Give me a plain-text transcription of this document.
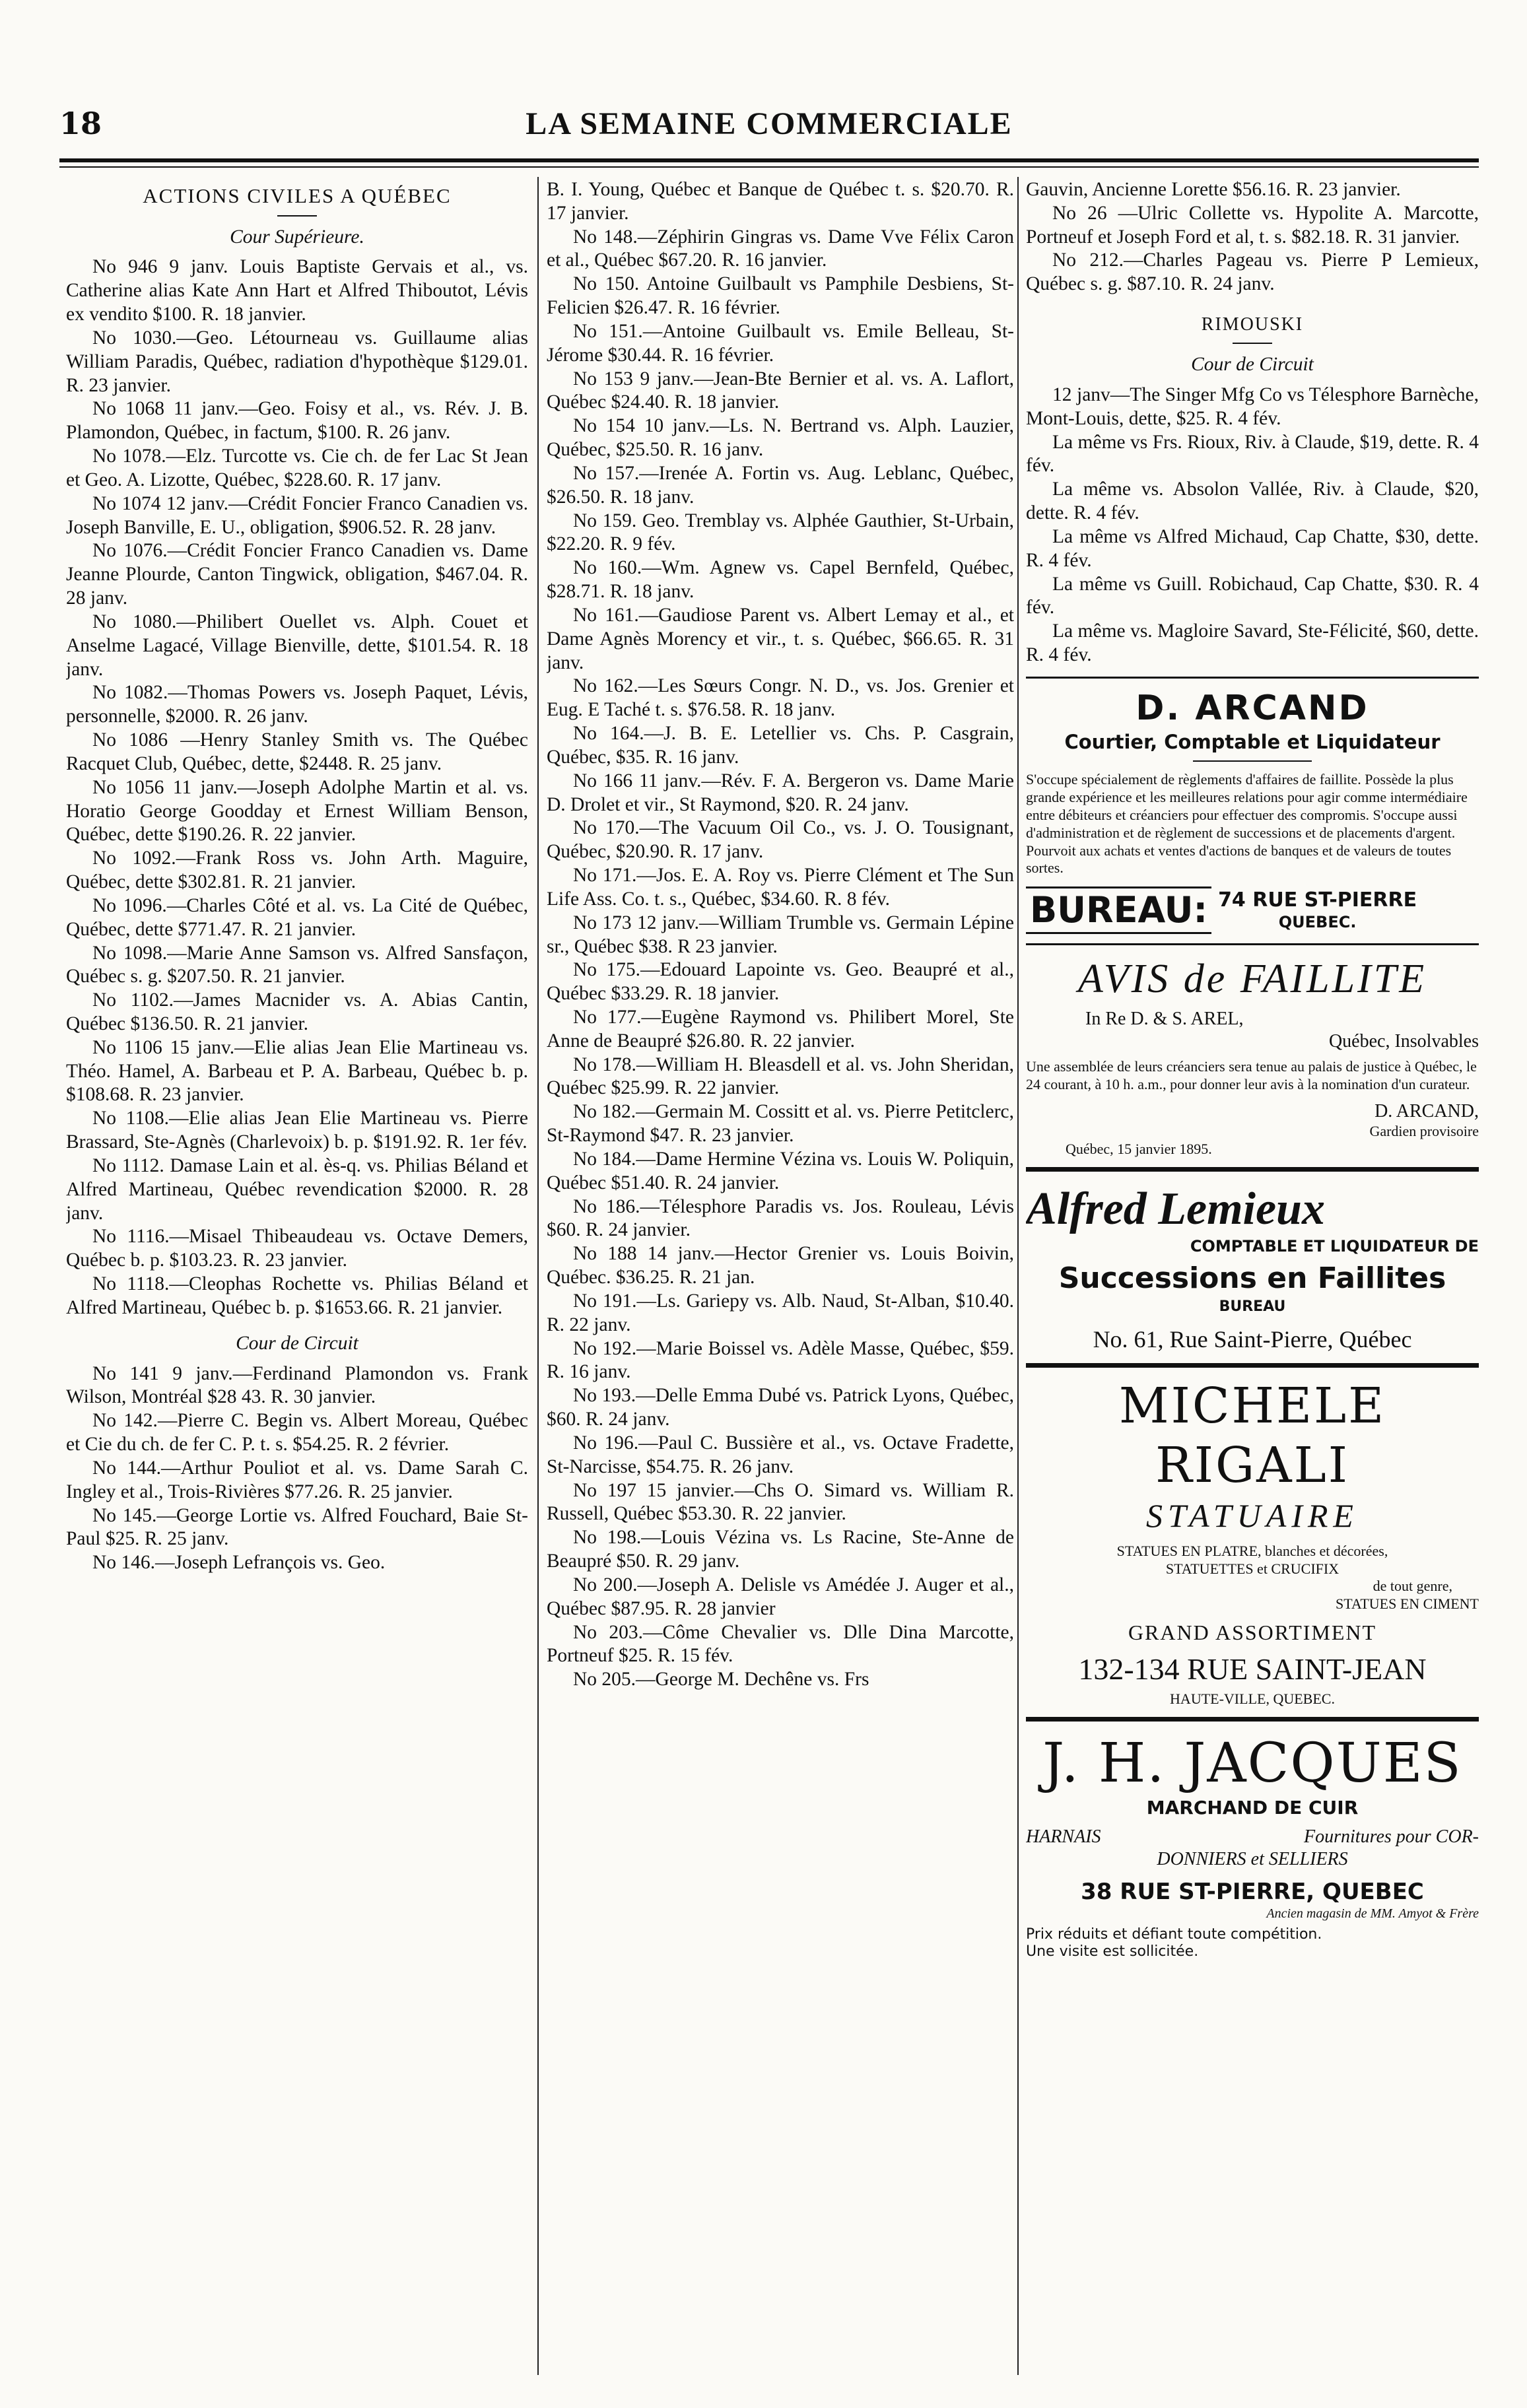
18	LA SEMAINE COMMERCIALE
ACTIONS CIVILES A QUÉBEC
Cour Supérieure.

No 946 9 janv. Louis Baptiste Gervais et al., vs. Catherine alias Kate Ann Hart et Alfred Thiboutot, Lévis ex vendito $100. R. 18 janvier.

No 1030.—Geo. Létourneau vs. Guillaume alias William Paradis, Québec, radiation d'hypothèque $129.01. R. 23 janvier.

No 1068 11 janv.—Geo. Foisy et al., vs. Rév. J. B. Plamondon, Québec, in factum, $100. R. 26 janv.

No 1078.—Elz. Turcotte vs. Cie ch. de fer Lac St Jean et Geo. A. Lizotte, Québec, $228.60. R. 17 janv.

No 1074 12 janv.—Crédit Foncier Franco Canadien vs. Joseph Banville, E. U., obligation, $906.52. R. 28 janv.

No 1076.—Crédit Foncier Franco Canadien vs. Dame Jeanne Plourde, Canton Tingwick, obligation, $467.04. R. 28 janv.

No 1080.—Philibert Ouellet vs. Alph. Couet et Anselme Lagacé, Village Bienville, dette, $101.54. R. 18 janv.

No 1082.—Thomas Powers vs. Joseph Paquet, Lévis, personnelle, $2000. R. 26 janv.

No 1086 —Henry Stanley Smith vs. The Québec Racquet Club, Québec, dette, $2448. R. 25 janv.

No 1056 11 janv.—Joseph Adolphe Martin et al. vs. Horatio George Goodday et Ernest William Benson, Québec, dette $190.26. R. 22 janvier.

No 1092.—Frank Ross vs. John Arth. Maguire, Québec, dette $302.81. R. 21 janvier.

No 1096.—Charles Côté et al. vs. La Cité de Québec, Québec, dette $771.47. R. 21 janvier.

No 1098.—Marie Anne Samson vs. Alfred Sansfaçon, Québec s. g. $207.50. R. 21 janvier.

No 1102.—James Macnider vs. A. Abias Cantin, Québec $136.50. R. 21 janvier.

No 1106 15 janv.—Elie alias Jean Elie Martineau vs. Théo. Hamel, A. Barbeau et P. A. Barbeau, Québec b. p. $108.68. R. 23 janvier.

No 1108.—Elie alias Jean Elie Martineau vs. Pierre Brassard, Ste-Agnès (Charlevoix) b. p. $191.92. R. 1er fév.

No 1112. Damase Lain et al. ès-q. vs. Philias Béland et Alfred Martineau, Québec revendication $2000. R. 28 janv.

No 1116.—Misael Thibeaudeau vs. Octave Demers, Québec b. p. $103.23. R. 23 janvier.

No 1118.—Cleophas Rochette vs. Philias Béland et Alfred Martineau, Québec b. p. $1653.66. R. 21 janvier.

Cour de Circuit

No 141 9 janv.—Ferdinand Plamondon vs. Frank Wilson, Montréal $28 43. R. 30 janvier.

No 142.—Pierre C. Begin vs. Albert Moreau, Québec et Cie du ch. de fer C. P. t. s. $54.25. R. 2 février.

No 144.—Arthur Pouliot et al. vs. Dame Sarah C. Ingley et al., Trois-Rivières $77.26. R. 25 janvier.

No 145.—George Lortie vs. Alfred Fouchard, Baie St-Paul $25. R. 25 janv.

No 146.—Joseph Lefrançois vs. Geo.

B. I. Young, Québec et Banque de Québec t. s. $20.70. R. 17 janvier.

No 148.—Zéphirin Gingras vs. Dame Vve Félix Caron et al., Québec $67.20. R. 16 janvier.

No 150. Antoine Guilbault vs Pamphile Desbiens, St-Felicien $26.47. R. 16 février.

No 151.—Antoine Guilbault vs. Emile Belleau, St-Jérome $30.44. R. 16 février.

No 153 9 janv.—Jean-Bte Bernier et al. vs. A. Laflort, Québec $24.40. R. 18 janvier.

No 154 10 janv.—Ls. N. Bertrand vs. Alph. Lauzier, Québec, $25.50. R. 16 janv.

No 157.—Irenée A. Fortin vs. Aug. Leblanc, Québec, $26.50. R. 18 janv.

No 159. Geo. Tremblay vs. Alphée Gauthier, St-Urbain, $22.20. R. 9 fév.

No 160.—Wm. Agnew vs. Capel Bernfeld, Québec, $28.71. R. 18 janv.

No 161.—Gaudiose Parent vs. Albert Lemay et al., et Dame Agnès Morency et vir., t. s. Québec, $66.65. R. 31 janv.

No 162.—Les Sœurs Congr. N. D., vs. Jos. Grenier et Eug. E Taché t. s. $76.58. R. 18 janv.

No 164.—J. B. E. Letellier vs. Chs. P. Casgrain, Québec, $35. R. 16 janv.

No 166 11 janv.—Rév. F. A. Bergeron vs. Dame Marie D. Drolet et vir., St Raymond, $20. R. 24 janv.

No 170.—The Vacuum Oil Co., vs. J. O. Tousignant, Québec, $20.90. R. 17 janv.

No 171.—Jos. E. A. Roy vs. Pierre Clément et The Sun Life Ass. Co. t. s., Québec, $34.60. R. 8 fév.

No 173 12 janv.—William Trumble vs. Germain Lépine sr., Québec $38. R 23 janvier.

No 175.—Edouard Lapointe vs. Geo. Beaupré et al., Québec $33.29. R. 18 janvier.

No 177.—Eugène Raymond vs. Philibert Morel, Ste Anne de Beaupré $26.80. R. 22 janvier.

No 178.—William H. Bleasdell et al. vs. John Sheridan, Québec $25.99. R. 22 janvier.

No 182.—Germain M. Cossitt et al. vs. Pierre Petitclerc, St-Raymond $47. R. 23 janvier.

No 184.—Dame Hermine Vézina vs. Louis W. Poliquin, Québec $51.40. R. 24 janvier.

No 186.—Télesphore Paradis vs. Jos. Rouleau, Lévis $60. R. 24 janvier.

No 188 14 janv.—Hector Grenier vs. Louis Boivin, Québec. $36.25. R. 21 jan.

No 191.—Ls. Gariepy vs. Alb. Naud, St-Alban, $10.40. R. 22 janv.

No 192.—Marie Boissel vs. Adèle Masse, Québec, $59. R. 16 janv.

No 193.—Delle Emma Dubé vs. Patrick Lyons, Québec, $60. R. 24 janv.

No 196.—Paul C. Bussière et al., vs. Octave Fradette, St-Narcisse, $54.75. R. 26 janv.

No 197 15 janvier.—Chs O. Simard vs. William R. Russell, Québec $53.30. R. 22 janvier.

No 198.—Louis Vézina vs. Ls Racine, Ste-Anne de Beaupré $50. R. 29 janv.

No 200.—Joseph A. Delisle vs Amédée J. Auger et al., Québec $87.95. R. 28 janvier

No 203.—Côme Chevalier vs. Dlle Dina Marcotte, Portneuf $25. R. 15 fév.

No 205.—George M. Dechêne vs. Frs

Gauvin, Ancienne Lorette $56.16. R. 23 janvier.

No 26 —Ulric Collette vs. Hypolite A. Marcotte, Portneuf et Joseph Ford et al, t. s. $82.18. R. 31 janvier.

No 212.—Charles Pageau vs. Pierre P Lemieux, Québec s. g. $87.10. R. 24 janv.

RIMOUSKI
Cour de Circuit

12 janv—The Singer Mfg Co vs Télesphore Barnèche, Mont-Louis, dette, $25. R. 4 fév.

La même vs Frs. Rioux, Riv. à Claude, $19, dette. R. 4 fév.

La même vs. Absolon Vallée, Riv. à Claude, $20, dette. R. 4 fév.

La même vs Alfred Michaud, Cap Chatte, $30, dette. R. 4 fév.

La même vs Guill. Robichaud, Cap Chatte, $30. R. 4 fév.

La même vs. Magloire Savard, Ste-Félicité, $60, dette. R. 4 fév.

D. ARCAND
Courtier, Comptable et Liquidateur
S'occupe spécialement de règlements d'affaires de faillite. Possède la plus grande expérience et les meilleures relations pour agir comme intermédiaire entre débiteurs et créanciers pour effectuer des compromis. S'occupe aussi d'administration et de règlement de successions et de placements d'argent. Pourvoit aux achats et ventes d'actions de banques et de valeurs de toutes sortes.
BUREAU: 74 RUE ST-PIERRE
QUEBEC.
AVIS de FAILLITE
In Re D. & S. AREL,
Québec, Insolvables
Une assemblée de leurs créanciers sera tenue au palais de justice à Québec, le 24 courant, à 10 h. a.m., pour donner leur avis à la nomination d'un curateur.
D. ARCAND,
Gardien provisoire
Québec, 15 janvier 1895.
Alfred Lemieux
COMPTABLE ET LIQUIDATEUR DE
Successions en Faillites
BUREAU
No. 61, Rue Saint-Pierre, Québec
MICHELE RIGALI
STATUAIRE
STATUES EN PLATRE, blanches et décorées,
STATUETTES et CRUCIFIX
de tout genre,
STATUES EN CIMENT
GRAND ASSORTIMENT
132-134 RUE SAINT-JEAN
HAUTE-VILLE, QUEBEC.
J. H. JACQUES
MARCHAND DE CUIR
HARNAIS	Fournitures pour COR-
DONNIERS et SELLIERS
38 RUE ST-PIERRE, QUEBEC
Ancien magasin de MM. Amyot & Frère
Prix réduits et défiant toute compétition.
Une visite est sollicitée.
